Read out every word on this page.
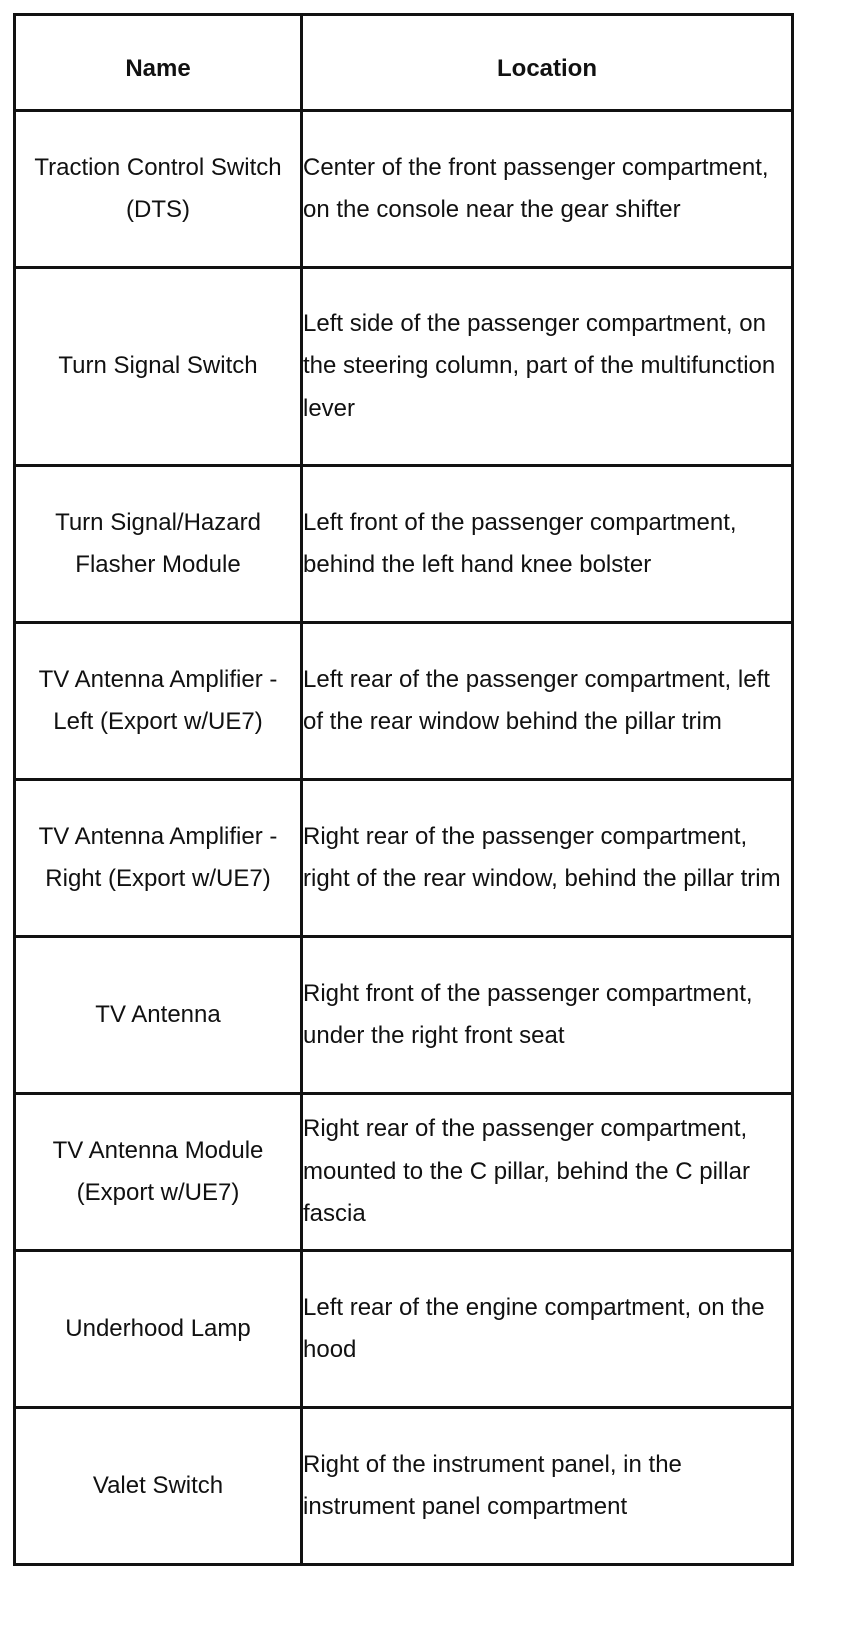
Name	Location
Traction Control Switch (DTS)	Center of the front passenger compartment, on the console near the gear shifter
Turn Signal Switch	Left side of the passenger compartment, on the steering column, part of the multifunction lever
Turn Signal/Hazard Flasher Module	Left front of the passenger compartment, behind the left hand knee bolster
TV Antenna Amplifier - Left (Export w/UE7)	Left rear of the passenger compartment, left of the rear window behind the pillar trim
TV Antenna Amplifier - Right (Export w/UE7)	Right rear of the passenger compartment, right of the rear window, behind the pillar trim
TV Antenna	Right front of the passenger compartment, under the right front seat
TV Antenna Module (Export w/UE7)	Right rear of the passenger compartment, mounted to the C pillar, behind the C pillar fascia
Underhood Lamp	Left rear of the engine compartment, on the hood
Valet Switch	Right of the instrument panel, in the instrument panel compartment
